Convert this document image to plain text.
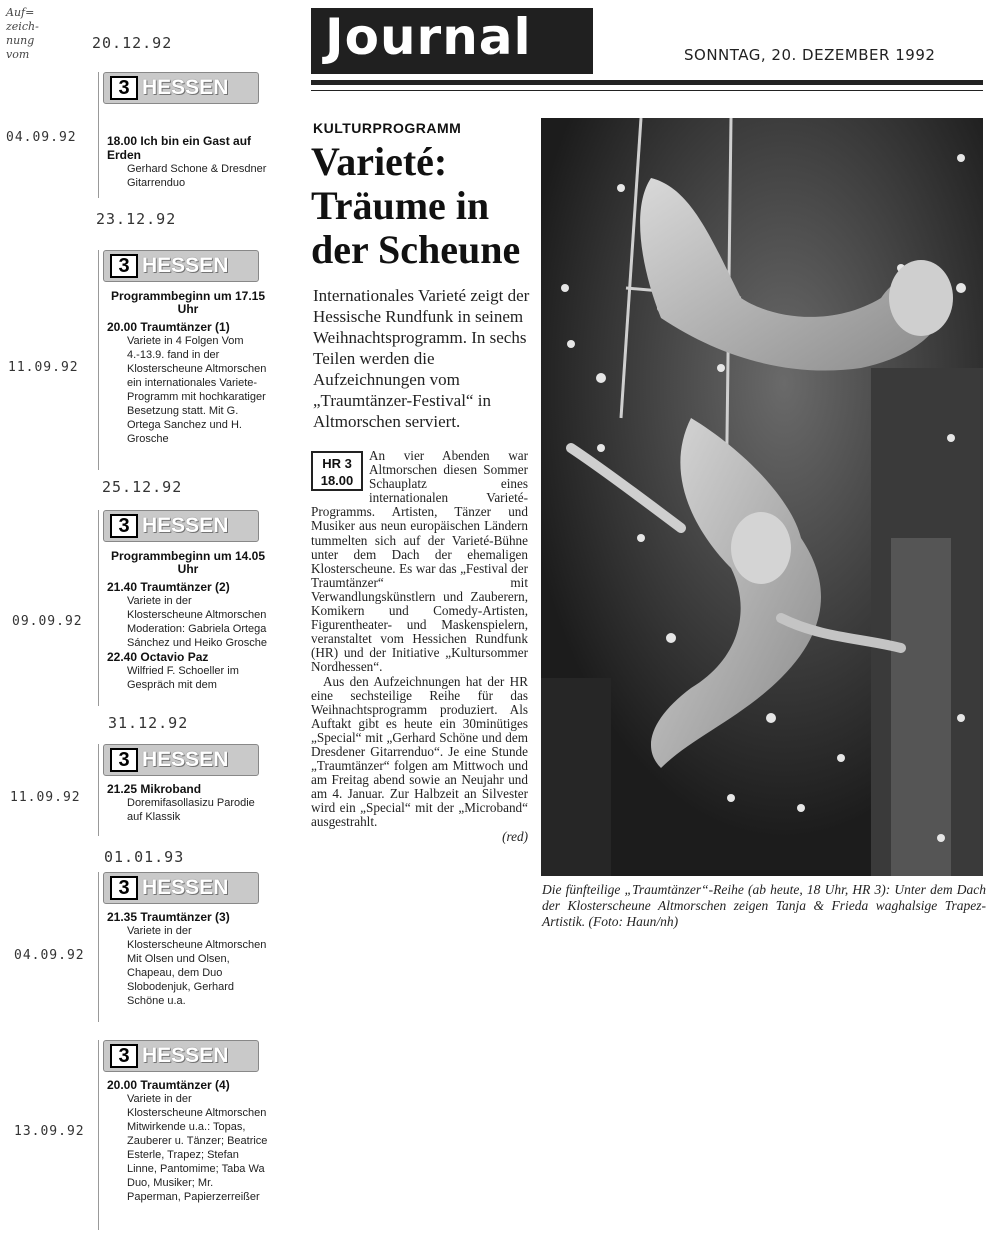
Auf=
zeich-
nung
vom
20.12.92
04.09.92
3 HESSEN
18.00 Ich bin ein Gast auf Erden
Gerhard Schone & Dresdner Gitarrenduo
23.12.92
11.09.92
3 HESSEN
Programmbeginn um 17.15 Uhr
20.00 Traumtänzer (1)
Variete in 4 Folgen Vom 4.-13.9. fand in der Klosterscheune Altmorschen ein internationales Variete-Programm mit hochkaratiger Besetzung statt. Mit G. Ortega Sanchez und H. Grosche
25.12.92
09.09.92
3 HESSEN
Programmbeginn um 14.05 Uhr
21.40 Traumtänzer (2)
Variete in der Klosterscheune Altmorschen Moderation: Gabriela Ortega Sánchez und Heiko Grosche
22.40 Octavio Paz
Wilfried F. Schoeller im Gespräch mit dem
31.12.92
11.09.92
3 HESSEN
21.25 Mikroband
Doremifasollasizu Parodie auf Klassik
01.01.93
04.09.92
3 HESSEN
21.35 Traumtänzer (3)
Variete in der Klosterscheune Altmorschen Mit Olsen und Olsen, Chapeau, dem Duo Slobodenjuk, Gerhard Schöne u.a.
13.09.92
3 HESSEN
20.00 Traumtänzer (4)
Variete in der Klosterscheune Altmorschen Mitwirkende u.a.: Topas, Zauberer u. Tänzer; Beatrice Esterle, Trapez; Stefan Linne, Pantomime; Taba Wa Duo, Musiker; Mr. Paperman, Papierzerreißer
Journal	SONNTAG, 20. DEZEMBER 1992
KULTURPROGRAMM
Varieté: Träume in der Scheune
Internationales Varieté zeigt der Hessische Rundfunk in seinem Weihnachtsprogramm. In sechs Teilen werden die Aufzeichnungen vom „Traumtänzer-Festival“ in Altmorschen serviert.
HR 3
18.00

An vier Abenden war Altmorschen diesen Sommer Schauplatz eines internationalen Varieté-Programms. Artisten, Tänzer und Musiker aus neun europäischen Ländern tummelten sich auf der Varieté-Bühne unter dem Dach der ehemaligen Klosterscheune. Es war das „Festival der Traumtänzer“ mit Verwandlungskünstlern und Zauberern, Komikern und Comedy-Artisten, Figurentheater- und Maskenspielern, veranstaltet vom Hessichen Rundfunk (HR) und der Initiative „Kultursommer Nordhessen“.

Aus den Aufzeichnungen hat der HR eine sechsteilige Reihe für das Weihnachtsprogramm produziert. Als Auftakt gibt es heute ein 30minütiges „Special“ mit „Gerhard Schöne und dem Dresdener Gitarrenduo“. Je eine Stunde „Traumtänzer“ folgen am Mittwoch und am Freitag abend sowie an Neujahr und am 4. Januar. Zur Halbzeit an Silvester wird ein „Special“ mit der „Microband“ ausgestrahlt.

(red)
Die fünfteilige „Traumtänzer“-Reihe (ab heute, 18 Uhr, HR 3): Unter dem Dach der Klosterscheune Altmorschen zeigen Tanja & Frieda waghalsige Trapez-Artistik. (Foto: Haun/nh)
